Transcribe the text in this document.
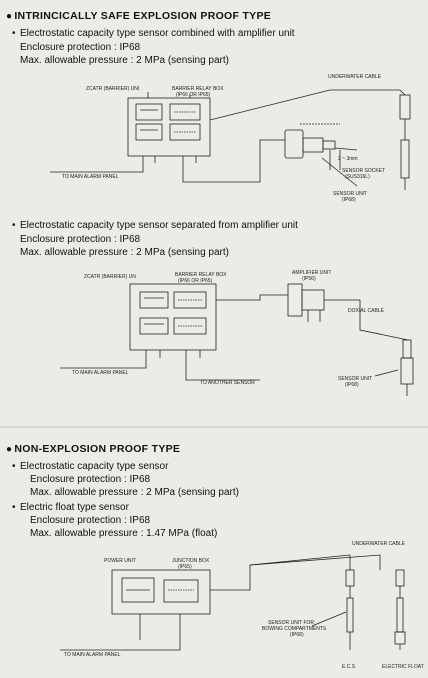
● INTRINCICALLY SAFE EXPLOSION PROOF TYPE
• Electrostatic capacity type sensor combined with amplifier unit
Enclosure protection : IP68
Max. allowable pressure : 2 MPa (sensing part)
• Electrostatic capacity type sensor separated from amplifier unit
Enclosure protection : IP68
Max. allowable pressure : 2 MPa (sensing part)
● NON-EXPLOSION PROOF TYPE
• Electrostatic capacity type sensor
Enclosure protection : IP68
Max. allowable pressure : 2 MPa (sensing part)
• Electric float type sensor
Enclosure protection : IP68
Max. allowable pressure : 1.47 MPa (float)
ZCATR (BARRIER) UNI	BARRIER RELAY BOX
(IP66 OR IP65)
UNDERWATER CABLE
2 ~ 3mm
SENSOR SOCKET
(SUS316L)
SENSOR UNIT
(IP68)
TO MAIN ALARM PANEL
ZCATR (BARRIER) UN	BARRIER RELAY BOX
(IP66 OR IP65)
AMPLIFIER UNIT
(IP56)
DOXIAL CABLE
SENSOR UNIT
(IP68)
TO MAIN ALARM PANEL
TO ANOTHER SENSOR
POWER UNIT	JUNCTION BOX
(IP65)
UNDERWATER CABLE
SENSOR UNIT FOR
BOWING COMPARTMENTS
(IP68)
E.C.S	ELECTRIC FLOAT
TO MAIN ALARM PANEL
